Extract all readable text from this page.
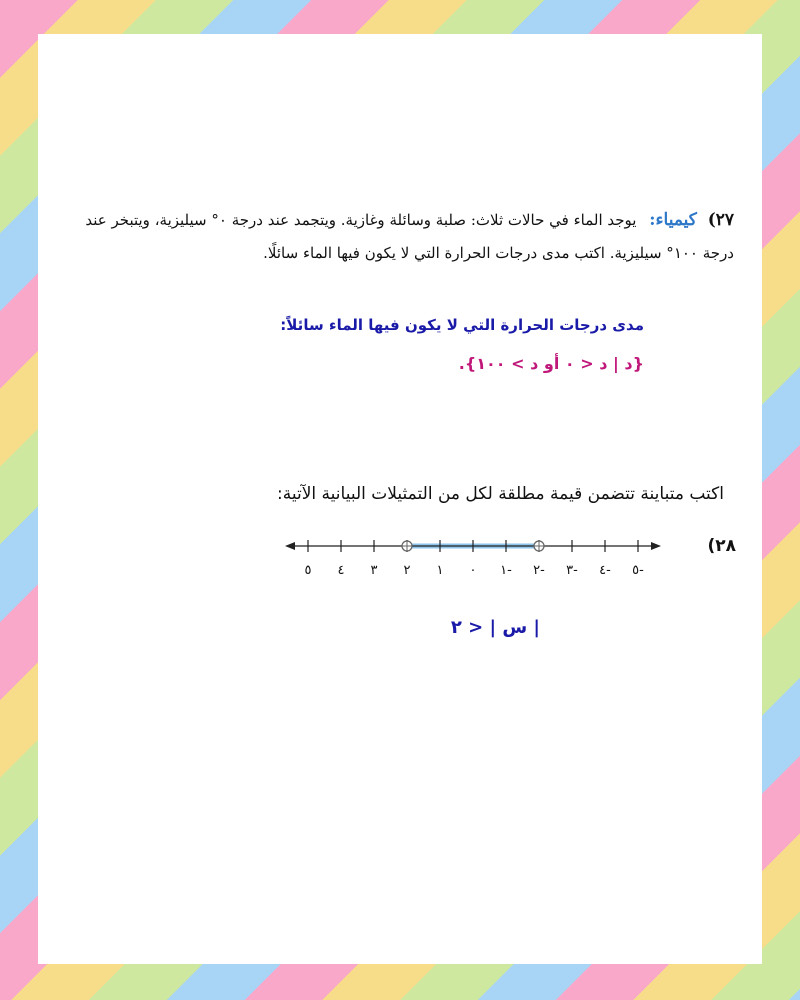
٢٧) كيمياء: يوجد الماء في حالات ثلاث: صلبة وسائلة وغازية. ويتجمد عند درجة ٠° سيليزية، ويتبخر عند درجة ١٠٠° سيليزية. اكتب مدى درجات الحرارة التي لا يكون فيها الماء سائلًا.
مدى درجات الحرارة التي لا يكون فيها الماء سائلاً:
{د | د < ٠ أو د > ١٠٠}.
اكتب متباينة تتضمن قيمة مطلقة لكل من التمثيلات البيانية الآتية:
٢٨)
٥ ٤ ٣ ٢ ١ ٠ ١- ٢- ٣- ٤- ٥-
| س | < ٢
